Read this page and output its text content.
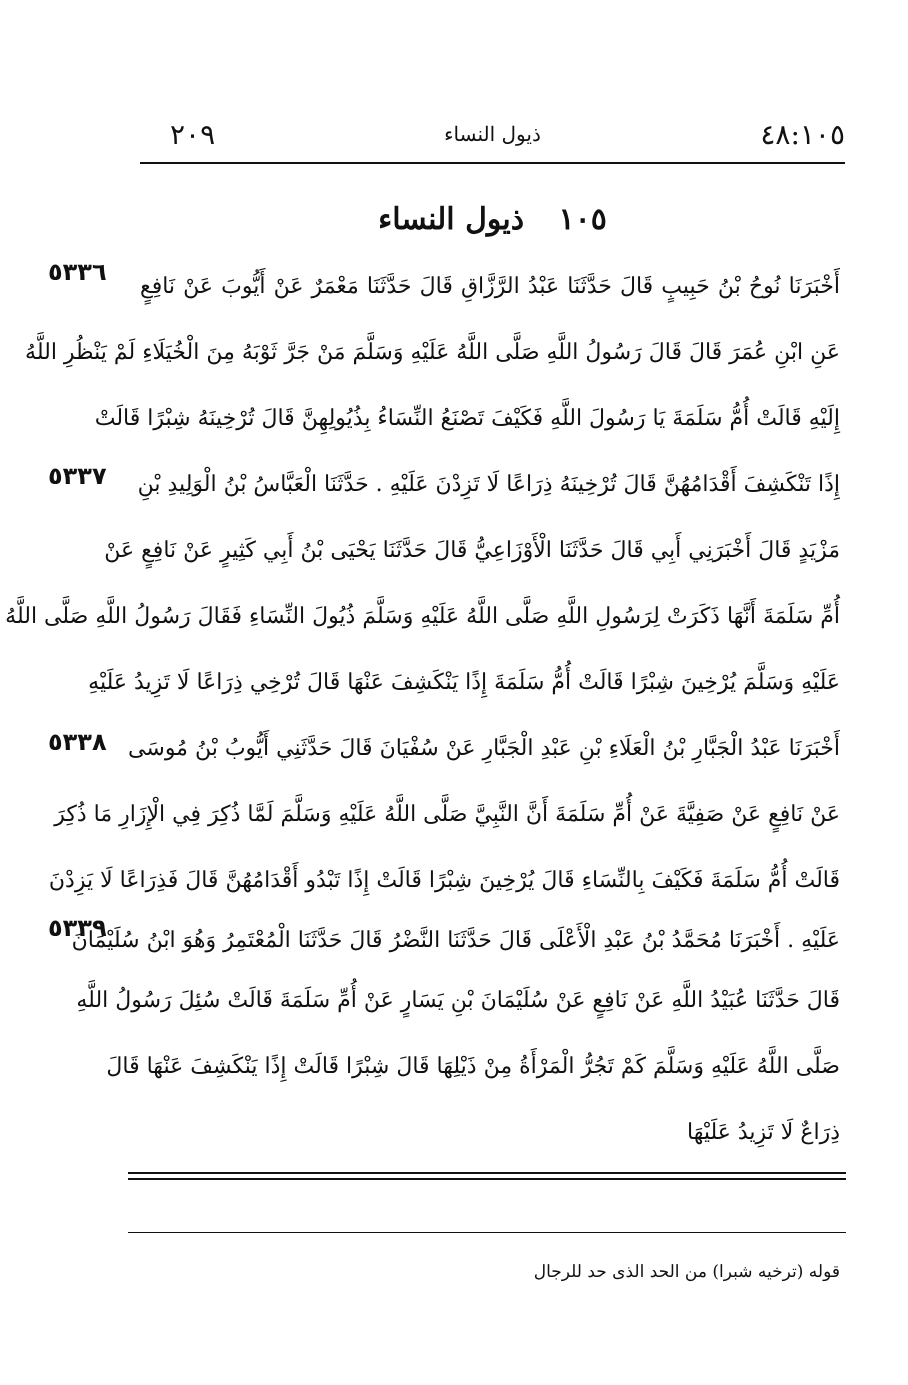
٤٨:١٠٥
ذيول النساء
٢٠٩
١٠٥ ذيول النساء
٥٣٣٦
٥٣٣٧
٥٣٣٨
٥٣٣٩
أَخْبَرَنَا نُوحُ بْنُ حَبِيبٍ قَالَ حَدَّثَنَا عَبْدُ الرَّزَّاقِ قَالَ حَدَّثَنَا مَعْمَرٌ عَنْ أَيُّوبَ عَنْ نَافِعٍ
عَنِ ابْنِ عُمَرَ قَالَ قَالَ رَسُولُ اللَّهِ صَلَّى اللَّهُ عَلَيْهِ وَسَلَّمَ مَنْ جَرَّ ثَوْبَهُ مِنَ الْخُيَلَاءِ لَمْ يَنْظُرِ اللَّهُ
إِلَيْهِ قَالَتْ أُمُّ سَلَمَةَ يَا رَسُولَ اللَّهِ فَكَيْفَ تَصْنَعُ النِّسَاءُ بِذُيُولِهِنَّ قَالَ تُرْخِينَهُ شِبْرًا قَالَتْ
إِذًا تَنْكَشِفَ أَقْدَامُهُنَّ قَالَ تُرْخِينَهُ ذِرَاعًا لَا تَزِدْنَ عَلَيْهِ . حَدَّثَنَا الْعَبَّاسُ بْنُ الْوَلِيدِ بْنِ
مَزْيَدٍ قَالَ أَخْبَرَنِي أَبِي قَالَ حَدَّثَنَا الْأَوْزَاعِيُّ قَالَ حَدَّثَنَا يَحْيَى بْنُ أَبِي كَثِيرٍ عَنْ نَافِعٍ عَنْ
أُمِّ سَلَمَةَ أَنَّهَا ذَكَرَتْ لِرَسُولِ اللَّهِ صَلَّى اللَّهُ عَلَيْهِ وَسَلَّمَ ذُيُولَ النِّسَاءِ فَقَالَ رَسُولُ اللَّهِ صَلَّى اللَّهُ
عَلَيْهِ وَسَلَّمَ يُرْخِينَ شِبْرًا قَالَتْ أُمُّ سَلَمَةَ إِذًا يَنْكَشِفَ عَنْهَا قَالَ تُرْخِي ذِرَاعًا لَا تَزِيدُ عَلَيْهِ
أَخْبَرَنَا عَبْدُ الْجَبَّارِ بْنُ الْعَلَاءِ بْنِ عَبْدِ الْجَبَّارِ عَنْ سُفْيَانَ قَالَ حَدَّثَنِي أَيُّوبُ بْنُ مُوسَى
عَنْ نَافِعٍ عَنْ صَفِيَّةَ عَنْ أُمِّ سَلَمَةَ أَنَّ النَّبِيَّ صَلَّى اللَّهُ عَلَيْهِ وَسَلَّمَ لَمَّا ذُكِرَ فِي الْإِزَارِ مَا ذُكِرَ
قَالَتْ أُمُّ سَلَمَةَ فَكَيْفَ بِالنِّسَاءِ قَالَ يُرْخِينَ شِبْرًا قَالَتْ إِذًا تَبْدُو أَقْدَامُهُنَّ قَالَ فَذِرَاعًا لَا يَزِدْنَ
عَلَيْهِ . أَخْبَرَنَا مُحَمَّدُ بْنُ عَبْدِ الْأَعْلَى قَالَ حَدَّثَنَا النَّضْرُ قَالَ حَدَّثَنَا الْمُعْتَمِرُ وَهُوَ ابْنُ سُلَيْمَانَ
قَالَ حَدَّثَنَا عُبَيْدُ اللَّهِ عَنْ نَافِعٍ عَنْ سُلَيْمَانَ بْنِ يَسَارٍ عَنْ أُمِّ سَلَمَةَ قَالَتْ سُئِلَ رَسُولُ اللَّهِ
صَلَّى اللَّهُ عَلَيْهِ وَسَلَّمَ كَمْ تَجُرُّ الْمَرْأَةُ مِنْ ذَيْلِهَا قَالَ شِبْرًا قَالَتْ إِذًا يَنْكَشِفَ عَنْهَا قَالَ
ذِرَاعٌ لَا تَزِيدُ عَلَيْهَا
قوله (ترخيه شبرا) من الحد الذى حد للرجال
